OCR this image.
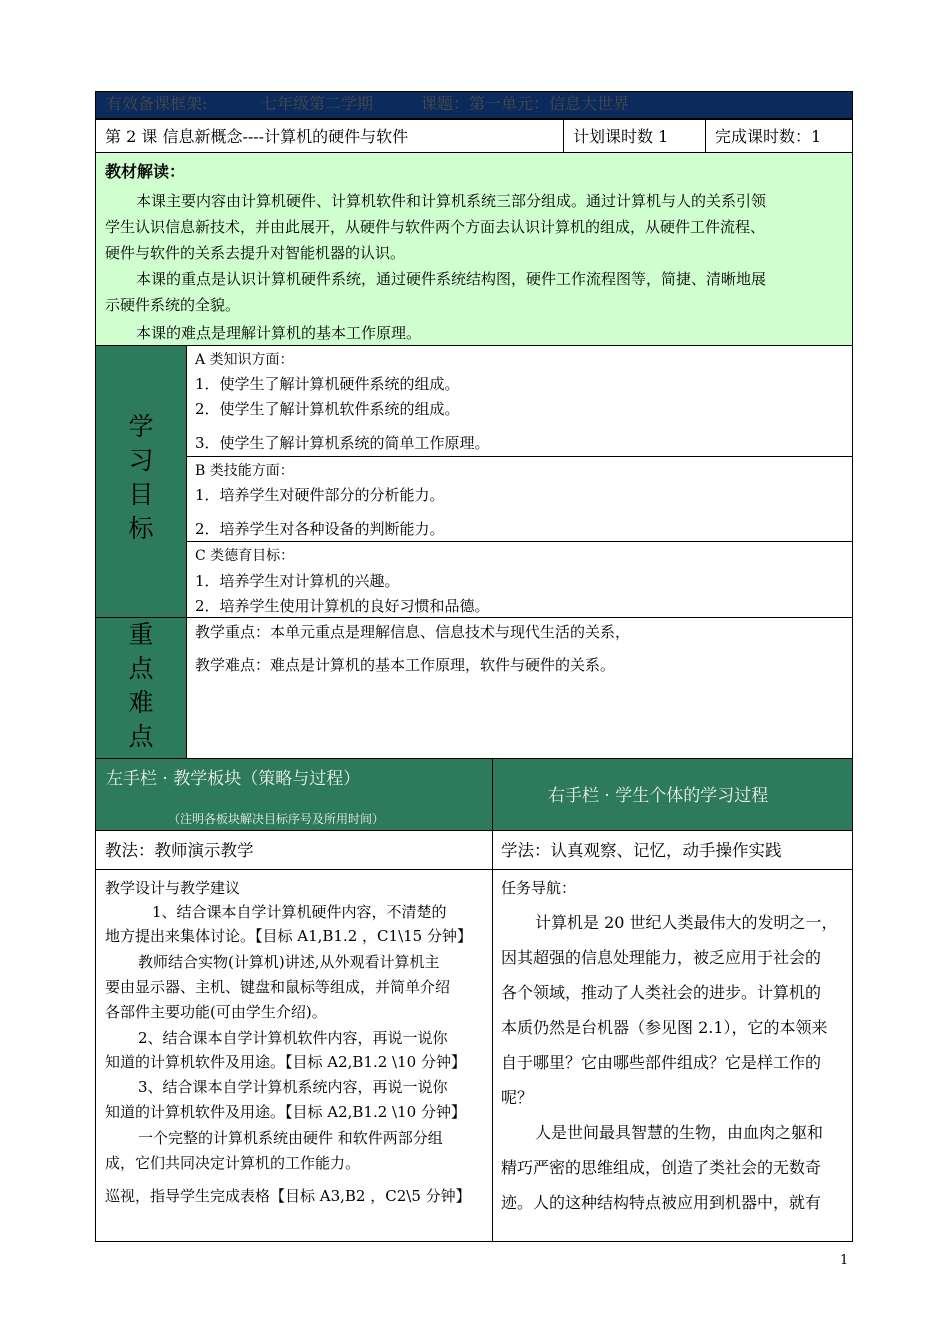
有效备课框架:	七年级第二学期	课题：第一单元：信息大世界
第 2 课 信息新概念----计算机的硬件与软件	计划课时数 1	完成课时数：1
教材解读：
本课主要内容由计算机硬件、计算机软件和计算机系统三部分组成。通过计算机与人的关系引领
学生认识信息新技术，并由此展开，从硬件与软件两个方面去认识计算机的组成，从硬件工件流程、
硬件与软件的关系去提升对智能机器的认识。
本课的重点是认识计算机硬件系统，通过硬件系统结构图，硬件工作流程图等，简捷、清晰地展
示硬件系统的全貌。
本课的难点是理解计算机的基本工作原理。
学
习
目
标
A 类知识方面：
1．使学生了解计算机硬件系统的组成。
2．使学生了解计算机软件系统的组成。
3．使学生了解计算机系统的简单工作原理。
B 类技能方面：
1．培养学生对硬件部分的分析能力。
2．培养学生对各种设备的判断能力。
C 类德育目标：
1．培养学生对计算机的兴趣。
2．培养学生使用计算机的良好习惯和品德。
重
点
难
点
教学重点：本单元重点是理解信息、信息技术与现代生活的关系，
教学难点：难点是计算机的基本工作原理，软件与硬件的关系。
左手栏 · 教学板块（策略与过程）
（注明各板块解决目标序号及所用时间）
右手栏 · 学生个体的学习过程
教法：教师演示教学	学法：认真观察、记忆，动手操作实践
教学设计与教学建议
1、结合课本自学计算机硬件内容，不清楚的
地方提出来集体讨论。【目标 A1,B1.2 ，C1\15 分钟】
教师结合实物(计算机)讲述,从外观看计算机主
要由显示器、主机、键盘和鼠标等组成，并简单介绍
各部件主要功能(可由学生介绍)。
2、结合课本自学计算机软件内容，再说一说你
知道的计算机软件及用途。【目标 A2,B1.2 \10 分钟】
3、结合课本自学计算机系统内容，再说一说你
知道的计算机软件及用途。【目标 A2,B1.2 \10 分钟】
一个完整的计算机系统由硬件 和软件两部分组
成，它们共同决定计算机的工作能力。
巡视，指导学生完成表格【目标 A3,B2 ，C2\5 分钟】
任务导航：
计算机是 20 世纪人类最伟大的发明之一，
因其超强的信息处理能力，被乏应用于社会的
各个领域，推动了人类社会的进步。计算机的
本质仍然是台机器（参见图 2.1），它的本领来
自于哪里？它由哪些部件组成？它是样工作的
呢？
人是世间最具智慧的生物，由血肉之躯和
精巧严密的思维组成，创造了类社会的无数奇
迹。人的这种结构特点被应用到机器中，就有
1
